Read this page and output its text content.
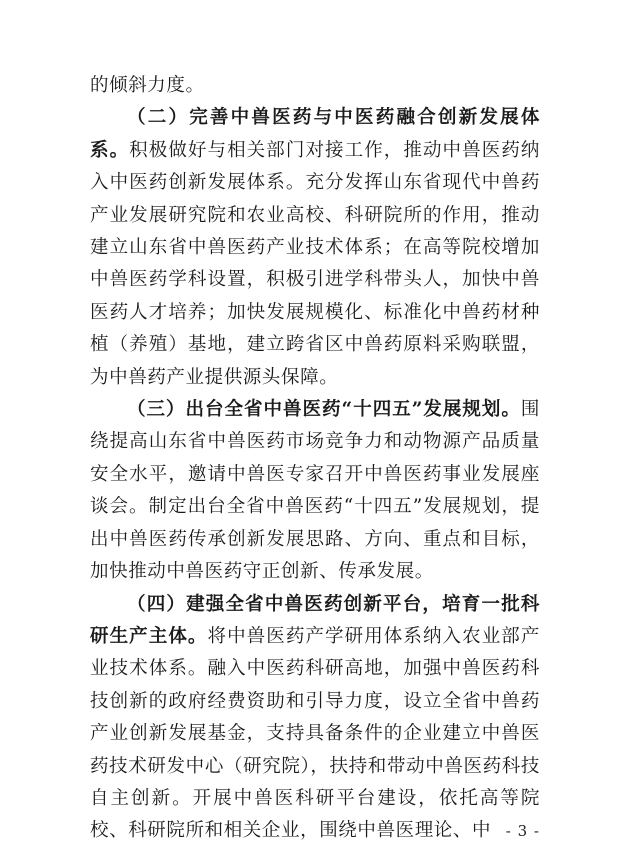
的倾斜力度。

（二）完善中兽医药与中医药融合创新发展体系。积极做好与相关部门对接工作，推动中兽医药纳入中医药创新发展体系。充分发挥山东省现代中兽药产业发展研究院和农业高校、科研院所的作用，推动建立山东省中兽医药产业技术体系；在高等院校增加中兽医药学科设置，积极引进学科带头人，加快中兽医药人才培养；加快发展规模化、标准化中兽药材种植（养殖）基地，建立跨省区中兽药原料采购联盟，为中兽药产业提供源头保障。

（三）出台全省中兽医药“十四五”发展规划。围绕提高山东省中兽医药市场竞争力和动物源产品质量安全水平，邀请中兽医专家召开中兽医药事业发展座谈会。制定出台全省中兽医药“十四五”发展规划，提出中兽医药传承创新发展思路、方向、重点和目标，加快推动中兽医药守正创新、传承发展。

（四）建强全省中兽医药创新平台，培育一批科研生产主体。将中兽医药产学研用体系纳入农业部产业技术体系。融入中医药科研高地，加强中兽医药科技创新的政府经费资助和引导力度，设立全省中兽药产业创新发展基金，支持具备条件的企业建立中兽医药技术研发中心（研究院），扶持和带动中兽医药科技自主创新。开展中兽医科研平台建设，依托高等院校、科研院所和相关企业，围绕中兽医理论、中 - 3 -
